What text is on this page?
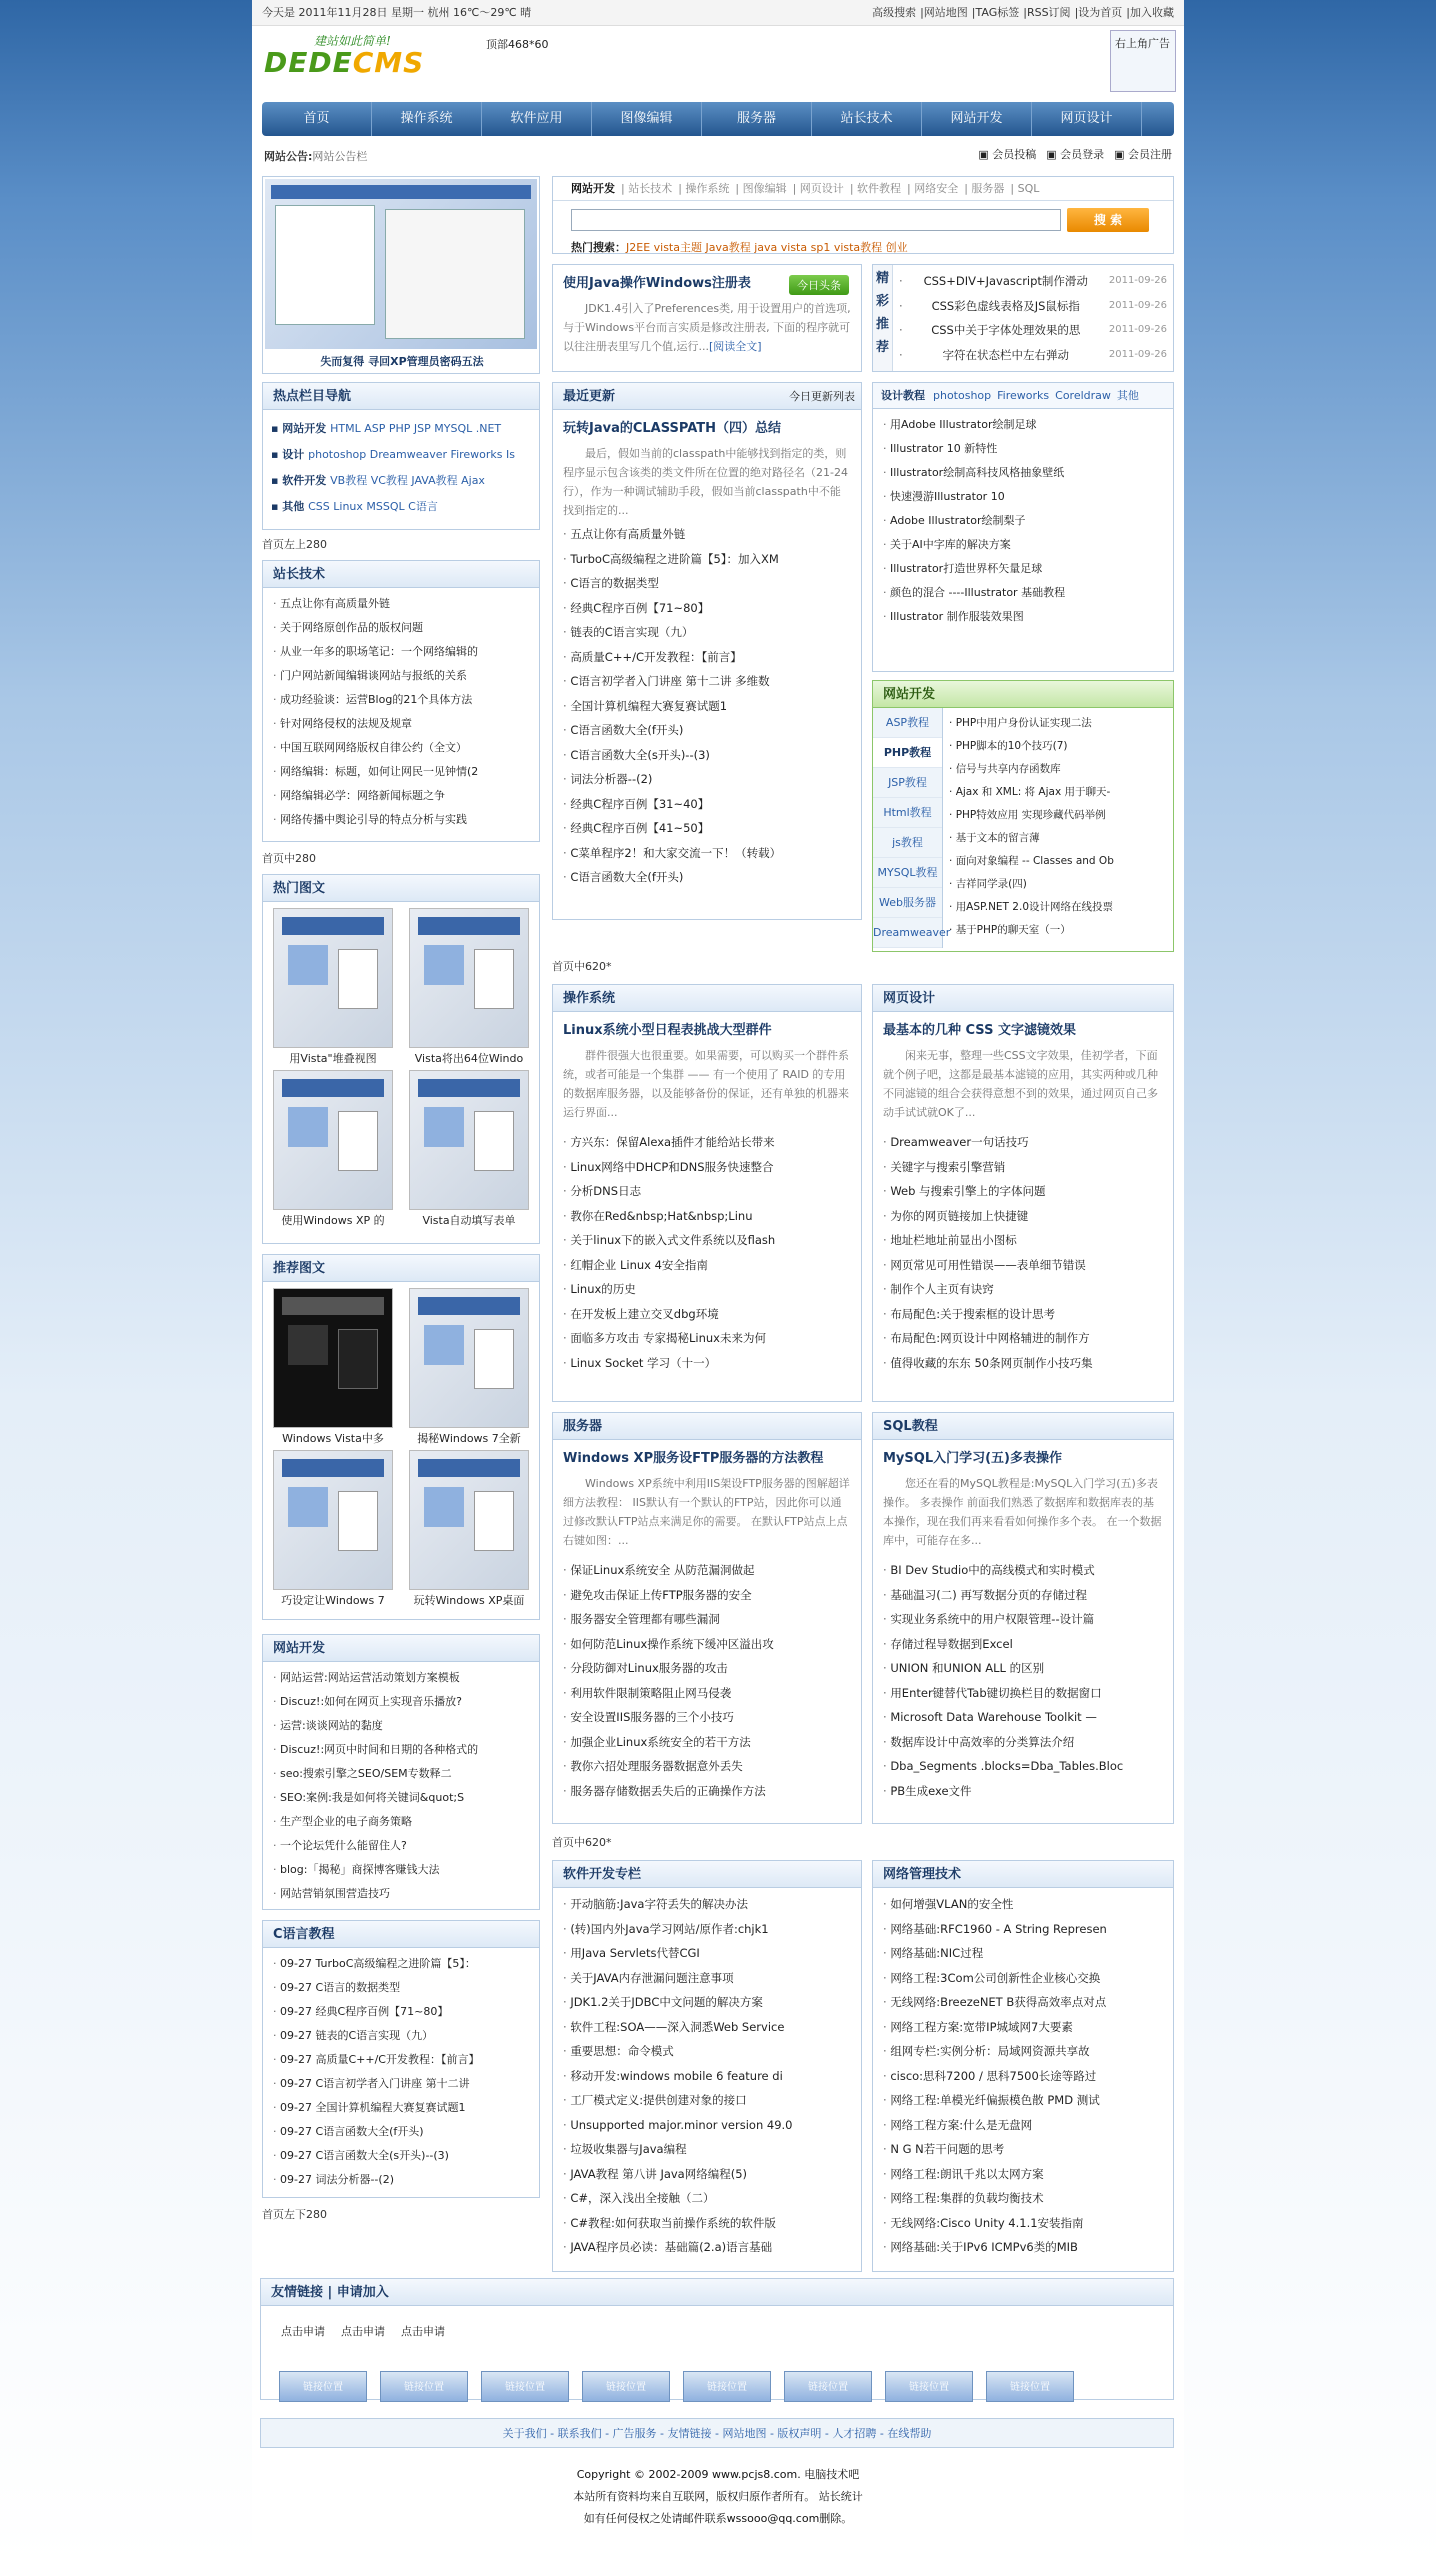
今天是 2011年11月28日 星期一 杭州 16℃～29℃ 晴	高级搜索 |网站地图 |TAG标签 |RSS订阅 |设为首页 |加入收藏
建站如此简单!
DEDECMS
顶部468*60	右上角广告
首页	操作系统	软件应用	图像编辑	服务器	站长技术	网站开发	网页设计
网站公告:网站公告栏	▣ 会员投稿 ▣ 会员登录 ▣ 会员注册
失而复得 寻回XP管理员密码五法
热点栏目导航

▪ 网站开发 HTML ASP PHP JSP MYSQL .NET

▪ 设计 photoshop Dreamweaver Fireworks Is

▪ 软件开发 VB教程 VC教程 JAVA教程 Ajax

▪ 其他 CSS Linux MSSQL C语言

首页左上280
站长技术
· 五点让你有高质量外链
· 关于网络原创作品的版权问题
· 从业一年多的职场笔记：一个网络编辑的
· 门户网站新闻编辑谈网站与报纸的关系
· 成功经验谈：运营Blog的21个具体方法
· 针对网络侵权的法规及规章
· 中国互联网网络版权自律公约（全文）
· 网络编辑：标题，如何让网民一见钟情(2
· 网络编辑必学：网络新闻标题之争
· 网络传播中舆论引导的特点分析与实践
首页中280
热门图文
用Vista"堆叠视图	Vista将出64位Windo
使用Windows XP 的	Vista自动填写表单
推荐图文
Windows Vista中多	揭秘Windows 7全新
巧设定让Windows 7	玩转Windows XP桌面
网站开发
· 网站运营:网站运营活动策划方案模板
· Discuz!:如何在网页上实现音乐播放?
· 运营:谈谈网站的黏度
· Discuz!:网页中时间和日期的各种格式的
· seo:搜索引擎之SEO/SEM专数释二
· SEO:案例:我是如何将关键词&quot;S
· 生产型企业的电子商务策略
· 一个论坛凭什么能留住人?
· blog:「揭秘」商探博客赚钱大法
· 网站营销氛围营造技巧
C语言教程
· 09-27 TurboC高级编程之进阶篇【5】：
· 09-27 C语言的数据类型
· 09-27 经典C程序百例【71~80】
· 09-27 链表的C语言实现（九）
· 09-27 高质量C++/C开发教程：【前言】
· 09-27 C语言初学者入门讲座 第十二讲
· 09-27 全国计算机编程大赛复赛试题1
· 09-27 C语言函数大全(f开头)
· 09-27 C语言函数大全(s开头)--(3)
· 09-27 词法分析器--(2)
首页左下280
网站开发 | 站长技术 | 操作系统 | 图像编辑 | 网页设计 | 软件教程 | 网络安全 | 服务器 | SQL
搜 索
热门搜索：J2EE vista主题 Java教程 java vista sp1 vista教程 创业
使用Java操作Windows注册表

JDK1.4引入了Preferences类, 用于设置用户的首选项,与于Windows平台而言实质是修改注册表, 下面的程序就可以往注册表里写几个值,运行...[阅读全文]

今日头条	精彩推荐
· CSS+DIV+Javascript制作滑动 2011-09-26
· CSS彩色虚线表格及JS鼠标指	2011-09-26
· CSS中关于字体处理效果的思	2011-09-26
· 字符在状态栏中左右弹动	2011-09-26
最近更新	今日更新列表
玩转Java的CLASSPATH（四）总结

最后，假如当前的classpath中能够找到指定的类，则程序显示包含该类的类文件所在位置的绝对路径名（21-24行），作为一种调试辅助手段，假如当前classpath中不能找到指定的...

· 五点让你有高质量外链
· TurboC高级编程之进阶篇【5】：加入XM
· C语言的数据类型
· 经典C程序百例【71~80】
· 链表的C语言实现（九）
· 高质量C++/C开发教程：【前言】
· C语言初学者入门讲座 第十二讲 多维数
· 全国计算机编程大赛复赛试题1
· C语言函数大全(f开头)
· C语言函数大全(s开头)--(3)
· 词法分析器--(2)
· 经典C程序百例【31~40】
· 经典C程序百例【41~50】
· C菜单程序2！和大家交流一下！（转载）
· C语言函数大全(f开头)
设计教程 photoshop Fireworks Coreldraw 其他
· 用Adobe Illustrator绘制足球
· Illustrator 10 新特性
· Illustrator绘制高科技风格抽象壁纸
· 快速漫游Illustrator 10
· Adobe Illustrator绘制梨子
· 关于AI中字库的解决方案
· Illustrator打造世界杯矢量足球
· 颜色的混合 ----Illustrator 基础教程
· Illustrator 制作服装效果图
网站开发
ASP教程
PHP教程
JSP教程
Html教程
js教程
MYSQL教程
Web服务器
Dreamweaver
· PHP中用户身份认证实现二法
· PHP脚本的10个技巧(7)
· 信号与共享内存函数库
· Ajax 和 XML: 将 Ajax 用于聊天-
· PHP特效应用 实现珍藏代码举例
· 基于文本的留言薄
· 面向对象编程 -- Classes and Ob
· 吉祥同学录(四)
· 用ASP.NET 2.0设计网络在线投票
· 基于PHP的聊天室（一）
首页中620*
操作系统
Linux系统小型日程表挑战大型群件

群件很强大也很重要。如果需要，可以购买一个群件系统，或者可能是一个集群 —— 有一个使用了 RAID 的专用的数据库服务器，以及能够备份的保证，还有单独的机器来运行界面...

· 方兴东：保留Alexa插件才能给站长带来
· Linux网络中DHCP和DNS服务快速整合
· 分析DNS日志
· 教你在Red&nbsp;Hat&nbsp;Linu
· 关于linux下的嵌入式文件系统以及flash
· 红帽企业 Linux 4安全指南
· Linux的历史
· 在开发板上建立交叉dbg环境
· 面临多方攻击 专家揭秘Linux未来为何
· Linux Socket 学习（十一）
网页设计
最基本的几种 CSS 文字滤镜效果

闲来无事，整理一些CSS文字效果，佳初学者，下面就个例子吧，这都是最基本滤镜的应用，其实两种或几种不同滤镜的组合会获得意想不到的效果，通过网页自己多动手试试就OK了...

· Dreamweaver一句话技巧
· 关键字与搜索引擎营销
· Web 与搜索引擎上的字体问题
· 为你的网页链接加上快捷键
· 地址栏地址前显出小图标
· 网页常见可用性错误——表单细节错误
· 制作个人主页有诀窍
· 布局配色:关于搜索框的设计思考
· 布局配色:网页设计中网格辅进的制作方
· 值得收藏的东东 50条网页制作小技巧集
服务器
Windows XP服务设FTP服务器的方法教程

Windows XP系统中利用IIS架设FTP服务器的图解超详细方法教程： IIS默认有一个默认的FTP站，因此你可以通过修改默认FTP站点来满足你的需要。 在默认FTP站点上点右键如图：...

· 保证Linux系统安全 从防范漏洞做起
· 避免攻击保证上传FTP服务器的安全
· 服务器安全管理都有哪些漏洞
· 如何防范Linux操作系统下缓冲区溢出攻
· 分段防御对Linux服务器的攻击
· 利用软件限制策略阻止网马侵袭
· 安全设置IIS服务器的三个小技巧
· 加强企业Linux系统安全的若干方法
· 教你六招处理服务器数据意外丢失
· 服务器存储数据丢失后的正确操作方法
SQL教程
MySQL入门学习(五)多表操作

您还在看的MySQL教程是:MySQL入门学习(五)多表操作。 多表操作 前面我们熟悉了数据库和数据库表的基本操作，现在我们再来看看如何操作多个表。 在一个数据库中，可能存在多...

· BI Dev Studio中的高线模式和实时模式
· 基础温习(二) 再写数据分页的存储过程
· 实现业务系统中的用户权限管理--设计篇
· 存储过程导数据到Excel
· UNION 和UNION ALL 的区别
· 用Enter键替代Tab键切换栏目的数据窗口
· Microsoft Data Warehouse Toolkit —
· 数据库设计中高效率的分类算法介绍
· Dba_Segments .blocks=Dba_Tables.Bloc
· PB生成exe文件
首页中620*
软件开发专栏
· 开动脑筋:Java字符丢失的解决办法
· (转)国内外Java学习网站/原作者:chjk1
· 用Java Servlets代替CGI
· 关于JAVA内存泄漏问题注意事项
· JDK1.2关于JDBC中文问题的解决方案
· 软件工程:SOA——深入洞悉Web Service
· 重要思想：命令模式
· 移动开发:windows mobile 6 feature di
· 工厂模式定义:提供创建对象的接口
· Unsupported major.minor version 49.0
· 垃圾收集器与Java编程
· JAVA教程 第八讲 Java网络编程(5)
· C#，深入浅出全接触（二）
· C#教程:如何获取当前操作系统的软件版
· JAVA程序员必读：基础篇(2.a)语言基础
网络管理技术
· 如何增强VLAN的安全性
· 网络基础:RFC1960 - A String Represen
· 网络基础:NIC过程
· 网络工程:3Com公司创新性企业核心交换
· 无线网络:BreezeNET B获得高效率点对点
· 网络工程方案:宽带IP城域网7大要素
· 组网专栏:实例分析：局域网资源共享故
· cisco:思科7200 / 思科7500长途等路过
· 网络工程:单模光纤偏振模色散 PMD 测试
· 网络工程方案:什么是无盘网
· N G N若干问题的思考
· 网络工程:朗讯千兆以太网方案
· 网络工程:集群的负载均衡技术
· 无线网络:Cisco Unity 4.1.1安装指南
· 网络基础:关于IPv6 ICMPv6类的MIB
友情链接 | 申请加入
点击申请 点击申请 点击申请
链接位置	链接位置	链接位置	链接位置	链接位置	链接位置	链接位置	链接位置
关于我们 - 联系我们 - 广告服务 - 友情链接 - 网站地图 - 版权声明 - 人才招聘 - 在线帮助
Copyright © 2002-2009 www.pcjs8.com. 电脑技术吧
本站所有资料均来自互联网，版权归原作者所有。 站长统计
如有任何侵权之处请邮件联系wssooo@qq.com删除。
